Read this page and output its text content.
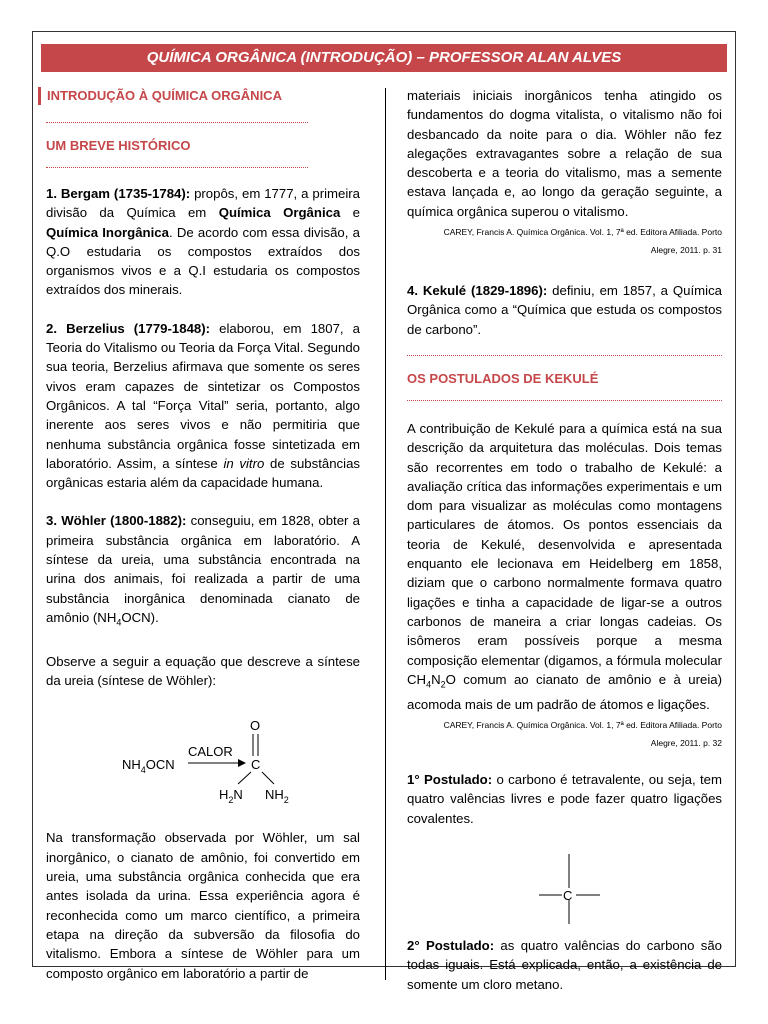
QUÍMICA ORGÂNICA (INTRODUÇÃO) – PROFESSOR ALAN ALVES
INTRODUÇÃO À QUÍMICA ORGÂNICA
UM BREVE HISTÓRICO

1. Bergam (1735-1784): propôs, em 1777, a primeira divisão da Química em Química Orgânica e Química Inorgânica. De acordo com essa divisão, a Q.O estudaria os compostos extraídos dos organismos vivos e a Q.I estudaria os compostos extraídos dos minerais.

2. Berzelius (1779-1848): elaborou, em 1807, a Teoria do Vitalismo ou Teoria da Força Vital. Segundo sua teoria, Berzelius afirmava que somente os seres vivos eram capazes de sintetizar os Compostos Orgânicos. A tal “Força Vital” seria, portanto, algo inerente aos seres vivos e não permitiria que nenhuma substância orgânica fosse sintetizada em laboratório. Assim, a síntese in vitro de substâncias orgânicas estaria além da capacidade humana.

3. Wöhler (1800-1882): conseguiu, em 1828, obter a primeira substância orgânica em laboratório. A síntese da ureia, uma substância encontrada na urina dos animais, foi realizada a partir de uma substância inorgânica denominada cianato de amônio $(NH_4OCN)$.

Observe a seguir a equação que descreve a síntese da ureia (síntese de Wöhler):

$NH_4OCN$
CALOR
O
C
$H_2N$ $NH_2$

Na transformação observada por Wöhler, um sal inorgânico, o cianato de amônio, foi convertido em ureia, uma substância orgânica conhecida que era antes isolada da urina. Essa experiência agora é reconhecida como um marco científico, a primeira etapa na direção da subversão da filosofia do vitalismo. Embora a síntese de Wöhler para um composto orgânico em laboratório a partir de

materiais iniciais inorgânicos tenha atingido os fundamentos do dogma vitalista, o vitalismo não foi desbancado da noite para o dia. Wöhler não fez alegações extravagantes sobre a relação de sua descoberta e a teoria do vitalismo, mas a semente estava lançada e, ao longo da geração seguinte, a química orgânica superou o vitalismo.

CAREY, Francis A. Química Orgânica. Vol. 1, 7ª ed. Editora Afiliada. Porto
Alegre, 2011. p. 31

4. Kekulé (1829-1896): definiu, em 1857, a Química Orgânica como a “Química que estuda os compostos de carbono”.

OS POSTULADOS DE KEKULÉ

A contribuição de Kekulé para a química está na sua descrição da arquitetura das moléculas. Dois temas são recorrentes em todo o trabalho de Kekulé: a avaliação crítica das informações experimentais e um dom para visualizar as moléculas como montagens particulares de átomos. Os pontos essenciais da teoria de Kekulé, desenvolvida e apresentada enquanto ele lecionava em Heidelberg em 1858, diziam que o carbono normalmente formava quatro ligações e tinha a capacidade de ligar-se a outros carbonos de maneira a criar longas cadeias. Os isômeros eram possíveis porque a mesma composição elementar (digamos, a fórmula molecular $CH_4N_2O$ comum ao cianato de amônio e à ureia) acomoda mais de um padrão de átomos e ligações.

CAREY, Francis A. Química Orgânica. Vol. 1, 7ª ed. Editora Afiliada. Porto
Alegre, 2011. p. 32

1° Postulado: o carbono é tetravalente, ou seja, tem quatro valências livres e pode fazer quatro ligações covalentes.

C

2° Postulado: as quatro valências do carbono são todas iguais. Está explicada, então, a existência de somente um cloro metano.
